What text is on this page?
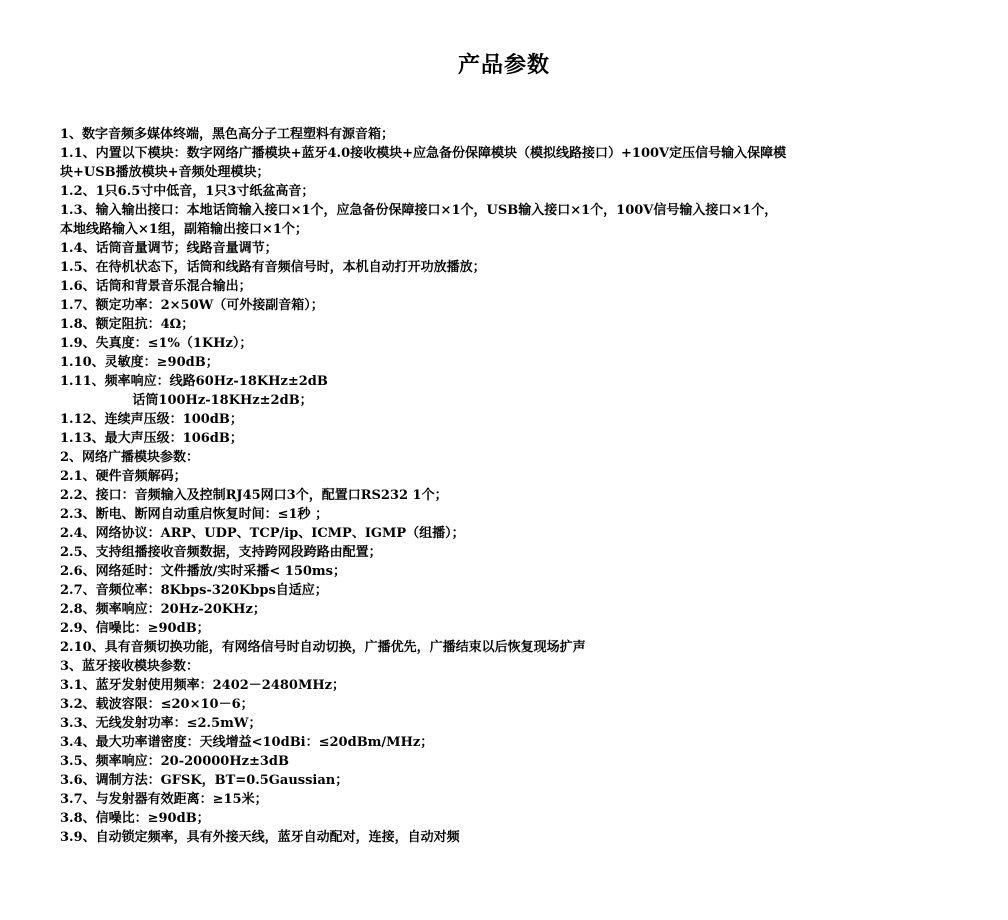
产品参数
1、数字音频多媒体终端，黑色高分子工程塑料有源音箱；
1.1、内置以下模块：数字网络广播模块+蓝牙4.0接收模块+应急备份保障模块（模拟线路接口）+100V定压信号输入保障模
块+USB播放模块+音频处理模块；
1.2、1只6.5寸中低音，1只3寸纸盆高音；
1.3、输入输出接口：本地话筒输入接口×1个，应急备份保障接口×1个，USB输入接口×1个，100V信号输入接口×1个，
本地线路输入×1组，副箱输出接口×1个；
1.4、话筒音量调节；线路音量调节；
1.5、在待机状态下，话筒和线路有音频信号时，本机自动打开功放播放；
1.6、话筒和背景音乐混合输出；
1.7、额定功率：2×50W（可外接副音箱）；
1.8、额定阻抗：4Ω；
1.9、失真度：≤1%（1KHz）；
1.10、灵敏度：≥90dB；
1.11、频率响应：线路60Hz-18KHz±2dB
话筒100Hz-18KHz±2dB；
1.12、连续声压级：100dB；
1.13、最大声压级：106dB；
2、网络广播模块参数：
2.1、硬件音频解码；
2.2、接口：音频输入及控制RJ45网口3个，配置口RS232 1个；
2.3、断电、断网自动重启恢复时间：≤1秒 ；
2.4、网络协议：ARP、UDP、TCP/ip、ICMP、IGMP（组播）；
2.5、支持组播接收音频数据，支持跨网段跨路由配置；
2.6、网络延时：文件播放/实时采播< 150ms；
2.7、音频位率：8Kbps-320Kbps自适应；
2.8、频率响应：20Hz-20KHz；
2.9、信噪比：≥90dB；
2.10、具有音频切换功能，有网络信号时自动切换，广播优先，广播结束以后恢复现场扩声
3、蓝牙接收模块参数：
3.1、蓝牙发射使用频率：2402－2480MHz；
3.2、载波容限：≤20×10－6；
3.3、无线发射功率：≤2.5mW；
3.4、最大功率谱密度：天线增益<10dBi：≤20dBm/MHz；
3.5、频率响应：20-20000Hz±3dB
3.6、调制方法：GFSK，BT=0.5Gaussian；
3.7、与发射器有效距离：≥15米；
3.8、信噪比：≥90dB；
3.9、自动锁定频率，具有外接天线，蓝牙自动配对，连接，自动对频
